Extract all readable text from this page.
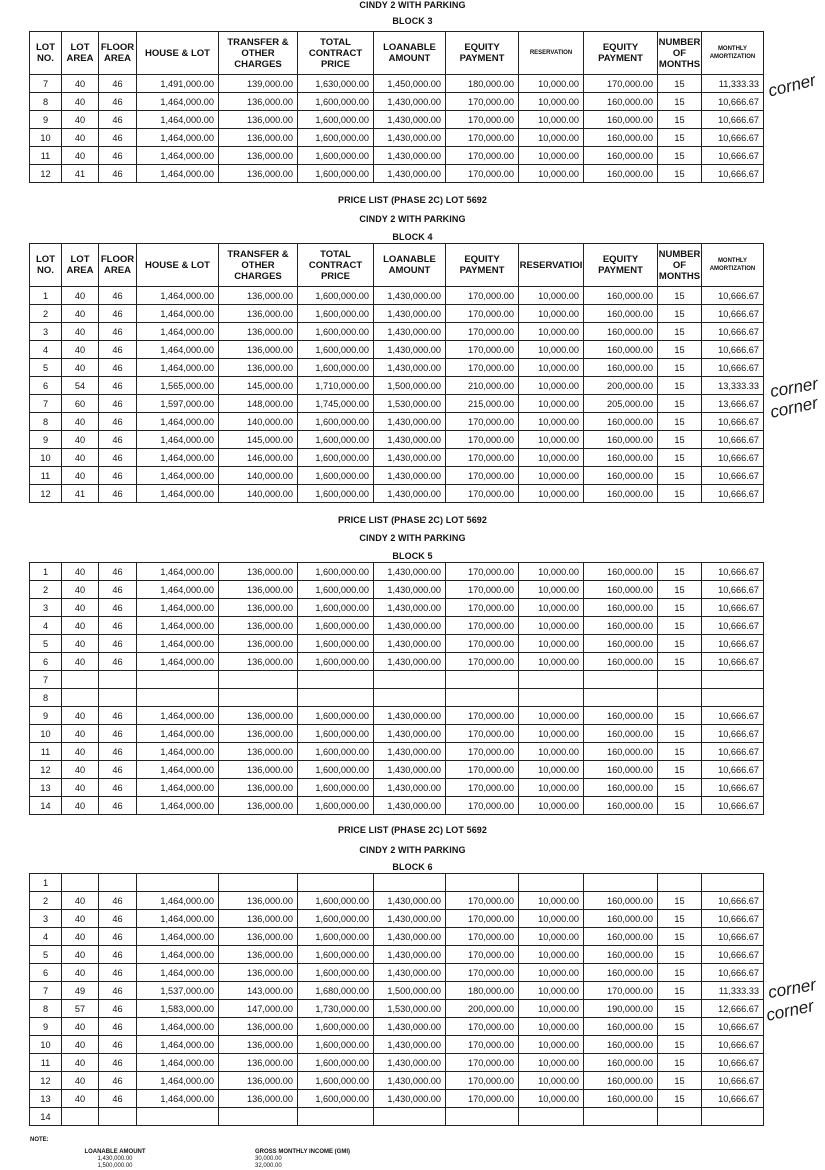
CINDY 2 WITH PARKING
BLOCK 3
LOT NO.	LOT AREA	FLOOR AREA	HOUSE & LOT	TRANSFER & OTHER CHARGES	TOTAL CONTRACT PRICE	LOANABLE AMOUNT	EQUITY PAYMENT	RESERVATION	EQUITY PAYMENT	NUMBER OF MONTHS	MONTHLY AMORTIZATION
7	40	46	1,491,000.00	139,000.00	1,630,000.00	1,450,000.00	180,000.00	10,000.00	170,000.00	15	11,333.33
8	40	46	1,464,000.00	136,000.00	1,600,000.00	1,430,000.00	170,000.00	10,000.00	160,000.00	15	10,666.67
9	40	46	1,464,000.00	136,000.00	1,600,000.00	1,430,000.00	170,000.00	10,000.00	160,000.00	15	10,666.67
10	40	46	1,464,000.00	136,000.00	1,600,000.00	1,430,000.00	170,000.00	10,000.00	160,000.00	15	10,666.67
11	40	46	1,464,000.00	136,000.00	1,600,000.00	1,430,000.00	170,000.00	10,000.00	160,000.00	15	10,666.67
12	41	46	1,464,000.00	136,000.00	1,600,000.00	1,430,000.00	170,000.00	10,000.00	160,000.00	15	10,666.67
PRICE LIST (PHASE 2C) LOT 5692
CINDY 2 WITH PARKING
BLOCK 4
LOT NO.	LOT AREA	FLOOR AREA	HOUSE & LOT	TRANSFER & OTHER CHARGES	TOTAL CONTRACT PRICE	LOANABLE AMOUNT	EQUITY PAYMENT	RESERVATIOI	EQUITY PAYMENT	NUMBER OF MONTHS	MONTHLY AMORTIZATION
1	40	46	1,464,000.00	136,000.00	1,600,000.00	1,430,000.00	170,000.00	10,000.00	160,000.00	15	10,666.67
2	40	46	1,464,000.00	136,000.00	1,600,000.00	1,430,000.00	170,000.00	10,000.00	160,000.00	15	10,666.67
3	40	46	1,464,000.00	136,000.00	1,600,000.00	1,430,000.00	170,000.00	10,000.00	160,000.00	15	10,666.67
4	40	46	1,464,000.00	136,000.00	1,600,000.00	1,430,000.00	170,000.00	10,000.00	160,000.00	15	10,666.67
5	40	46	1,464,000.00	136,000.00	1,600,000.00	1,430,000.00	170,000.00	10,000.00	160,000.00	15	10,666.67
6	54	46	1,565,000.00	145,000.00	1,710,000.00	1,500,000.00	210,000.00	10,000.00	200,000.00	15	13,333.33
7	60	46	1,597,000.00	148,000.00	1,745,000.00	1,530,000.00	215,000.00	10,000.00	205,000.00	15	13,666.67
8	40	46	1,464,000.00	140,000.00	1,600,000.00	1,430,000.00	170,000.00	10,000.00	160,000.00	15	10,666.67
9	40	46	1,464,000.00	145,000.00	1,600,000.00	1,430,000.00	170,000.00	10,000.00	160,000.00	15	10,666.67
10	40	46	1,464,000.00	146,000.00	1,600,000.00	1,430,000.00	170,000.00	10,000.00	160,000.00	15	10,666.67
11	40	46	1,464,000.00	140,000.00	1,600,000.00	1,430,000.00	170,000.00	10,000.00	160,000.00	15	10,666.67
12	41	46	1,464,000.00	140,000.00	1,600,000.00	1,430,000.00	170,000.00	10,000.00	160,000.00	15	10,666.67
PRICE LIST (PHASE 2C) LOT 5692
CINDY 2 WITH PARKING
BLOCK 5
1	40	46	1,464,000.00	136,000.00	1,600,000.00	1,430,000.00	170,000.00	10,000.00	160,000.00	15	10,666.67
2	40	46	1,464,000.00	136,000.00	1,600,000.00	1,430,000.00	170,000.00	10,000.00	160,000.00	15	10,666.67
3	40	46	1,464,000.00	136,000.00	1,600,000.00	1,430,000.00	170,000.00	10,000.00	160,000.00	15	10,666.67
4	40	46	1,464,000.00	136,000.00	1,600,000.00	1,430,000.00	170,000.00	10,000.00	160,000.00	15	10,666.67
5	40	46	1,464,000.00	136,000.00	1,600,000.00	1,430,000.00	170,000.00	10,000.00	160,000.00	15	10,666.67
6	40	46	1,464,000.00	136,000.00	1,600,000.00	1,430,000.00	170,000.00	10,000.00	160,000.00	15	10,666.67
7											
8											
9	40	46	1,464,000.00	136,000.00	1,600,000.00	1,430,000.00	170,000.00	10,000.00	160,000.00	15	10,666.67
10	40	46	1,464,000.00	136,000.00	1,600,000.00	1,430,000.00	170,000.00	10,000.00	160,000.00	15	10,666.67
11	40	46	1,464,000.00	136,000.00	1,600,000.00	1,430,000.00	170,000.00	10,000.00	160,000.00	15	10,666.67
12	40	46	1,464,000.00	136,000.00	1,600,000.00	1,430,000.00	170,000.00	10,000.00	160,000.00	15	10,666.67
13	40	46	1,464,000.00	136,000.00	1,600,000.00	1,430,000.00	170,000.00	10,000.00	160,000.00	15	10,666.67
14	40	46	1,464,000.00	136,000.00	1,600,000.00	1,430,000.00	170,000.00	10,000.00	160,000.00	15	10,666.67
PRICE LIST (PHASE 2C) LOT 5692
CINDY 2 WITH PARKING
BLOCK 6
1											
2	40	46	1,464,000.00	136,000.00	1,600,000.00	1,430,000.00	170,000.00	10,000.00	160,000.00	15	10,666.67
3	40	46	1,464,000.00	136,000.00	1,600,000.00	1,430,000.00	170,000.00	10,000.00	160,000.00	15	10,666.67
4	40	46	1,464,000.00	136,000.00	1,600,000.00	1,430,000.00	170,000.00	10,000.00	160,000.00	15	10,666.67
5	40	46	1,464,000.00	136,000.00	1,600,000.00	1,430,000.00	170,000.00	10,000.00	160,000.00	15	10,666.67
6	40	46	1,464,000.00	136,000.00	1,600,000.00	1,430,000.00	170,000.00	10,000.00	160,000.00	15	10,666.67
7	49	46	1,537,000.00	143,000.00	1,680,000.00	1,500,000.00	180,000.00	10,000.00	170,000.00	15	11,333.33
8	57	46	1,583,000.00	147,000.00	1,730,000.00	1,530,000.00	200,000.00	10,000.00	190,000.00	15	12,666.67
9	40	46	1,464,000.00	136,000.00	1,600,000.00	1,430,000.00	170,000.00	10,000.00	160,000.00	15	10,666.67
10	40	46	1,464,000.00	136,000.00	1,600,000.00	1,430,000.00	170,000.00	10,000.00	160,000.00	15	10,666.67
11	40	46	1,464,000.00	136,000.00	1,600,000.00	1,430,000.00	170,000.00	10,000.00	160,000.00	15	10,666.67
12	40	46	1,464,000.00	136,000.00	1,600,000.00	1,430,000.00	170,000.00	10,000.00	160,000.00	15	10,666.67
13	40	46	1,464,000.00	136,000.00	1,600,000.00	1,430,000.00	170,000.00	10,000.00	160,000.00	15	10,666.67
14											
corner
corner
corner
corner
corner
NOTE:
LOANABLE AMOUNT
1,430,000.00
1,500,000.00
GROSS MONTHLY INCOME (GMI)
30,000.00
32,000.00
